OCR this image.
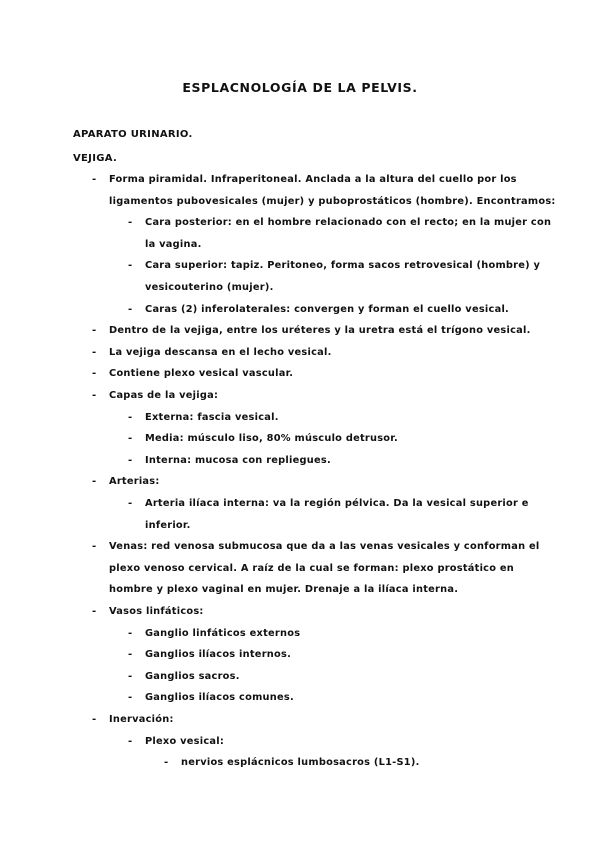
ESPLACNOLOGÍA DE LA PELVIS.
APARATO URINARIO.
VEJIGA.
- Forma piramidal. Infraperitoneal. Anclada a la altura del cuello por los
ligamentos pubovesicales (mujer) y puboprostáticos (hombre). Encontramos:
- Cara posterior: en el hombre relacionado con el recto; en la mujer con
la vagina.
- Cara superior: tapiz. Peritoneo, forma sacos retrovesical (hombre) y
vesicouterino (mujer).
- Caras (2) inferolaterales: convergen y forman el cuello vesical.
- Dentro de la vejiga, entre los uréteres y la uretra está el trígono vesical.
- La vejiga descansa en el lecho vesical.
- Contiene plexo vesical vascular.
- Capas de la vejiga:
- Externa: fascia vesical.
- Media: músculo liso, 80% músculo detrusor.
- Interna: mucosa con repliegues.
- Arterias:
- Arteria ilíaca interna: va la región pélvica. Da la vesical superior e
inferior.
- Venas: red venosa submucosa que da a las venas vesicales y conforman el
plexo venoso cervical. A raíz de la cual se forman: plexo prostático en
hombre y plexo vaginal en mujer. Drenaje a la ilíaca interna.
- Vasos linfáticos:
- Ganglio linfáticos externos
- Ganglios ilíacos internos.
- Ganglios sacros.
- Ganglios ilíacos comunes.
- Inervación:
- Plexo vesical:
- nervios esplácnicos lumbosacros (L1-S1).
